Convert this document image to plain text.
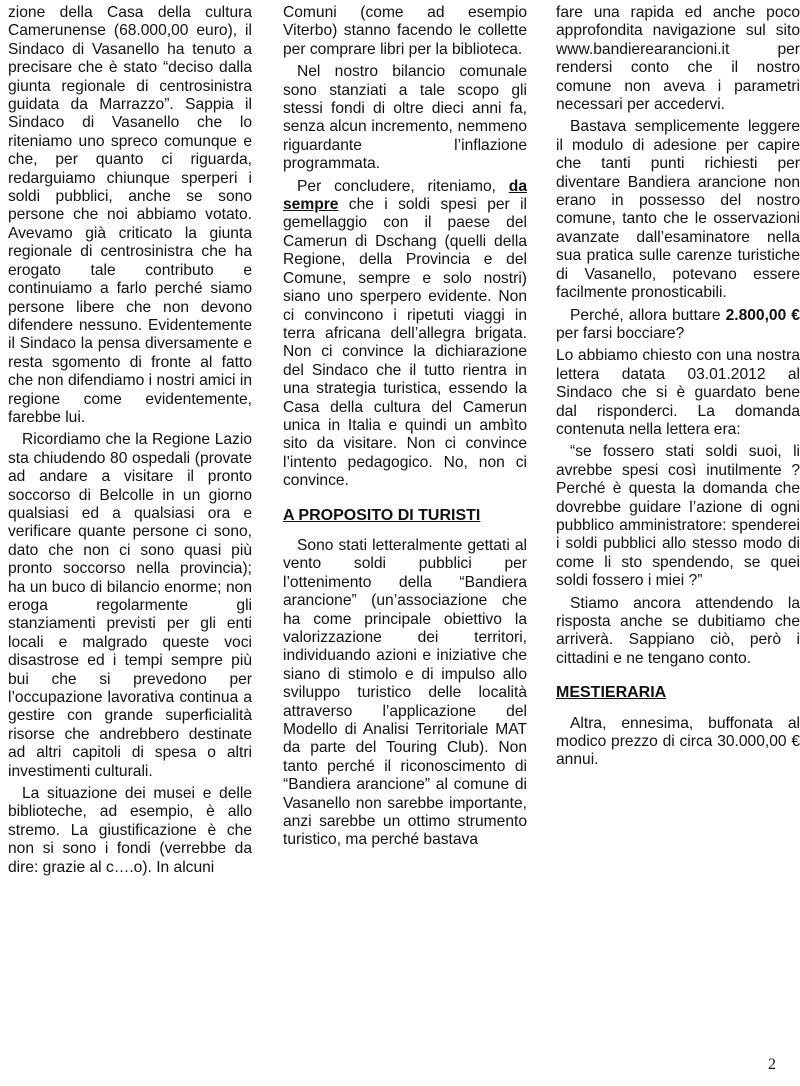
zione della Casa della cultura Camerunense (68.000,00 euro), il Sindaco di Vasanello ha tenuto a precisare che è stato “deciso dalla giunta regionale di centrosinistra guidata da Marrazzo”. Sappia il Sindaco di Vasanello che lo riteniamo uno spreco comunque e che, per quanto ci riguarda, redarguiamo chiunque sperperi i soldi pubblici, anche se sono persone che noi abbiamo votato. Avevamo già criticato la giunta regionale di centrosinistra che ha erogato tale contributo e continuiamo a farlo perché siamo persone libere che non devono difendere nessuno. Evidentemente il Sindaco la pensa diversamente e resta sgomento di fronte al fatto che non difendiamo i nostri amici in regione come evidentemente, farebbe lui.

Ricordiamo che la Regione Lazio sta chiudendo 80 ospedali (provate ad andare a visitare il pronto soccorso di Belcolle in un giorno qualsiasi ed a qualsiasi ora e verificare quante persone ci sono, dato che non ci sono quasi più pronto soccorso nella provincia); ha un buco di bilancio enorme; non eroga regolarmente gli stanziamenti previsti per gli enti locali e malgrado queste voci disastrose ed i tempi sempre più bui che si prevedono per l’occupazione lavorativa continua a gestire con grande superficialità risorse che andrebbero destinate ad altri capitoli di spesa o altri investimenti culturali.

La situazione dei musei e delle biblioteche, ad esempio, è allo stremo. La giustificazione è che non si sono i fondi (verrebbe da dire: grazie al c….o). In alcuni

Comuni (come ad esempio Viterbo) stanno facendo le collette per comprare libri per la biblioteca.

Nel nostro bilancio comunale sono stanziati a tale scopo gli stessi fondi di oltre dieci anni fa, senza alcun incremento, nemmeno riguardante l’inflazione programmata.

Per concludere, riteniamo, da sempre che i soldi spesi per il gemellaggio con il paese del Camerun di Dschang (quelli della Regione, della Provincia e del Comune, sempre e solo nostri) siano uno sperpero evidente. Non ci convincono i ripetuti viaggi in terra africana dell’allegra brigata. Non ci convince la dichiarazione del Sindaco che il tutto rientra in una strategia turistica, essendo la Casa della cultura del Camerun unica in Italia e quindi un ambìto sito da visitare. Non ci convince l’intento pedagogico. No, non ci convince.

A PROPOSITO DI TURISTI

Sono stati letteralmente gettati al vento soldi pubblici per l’ottenimento della “Bandiera arancione” (un’associazione che ha come principale obiettivo la valorizzazione dei territori, individuando azioni e iniziative che siano di stimolo e di impulso allo sviluppo turistico delle località attraverso l’applicazione del Modello di Analisi Territoriale MAT da parte del Touring Club). Non tanto perché il riconoscimento di “Bandiera arancione” al comune di Vasanello non sarebbe importante, anzi sarebbe un ottimo strumento turistico, ma perché bastava

fare una rapida ed anche poco approfondita navigazione sul sito www.bandierearancioni.it per rendersi conto che il nostro comune non aveva i parametri necessari per accedervi.

Bastava semplicemente leggere il modulo di adesione per capire che tanti punti richiesti per diventare Bandiera arancione non erano in possesso del nostro comune, tanto che le osservazioni avanzate dall’esaminatore nella sua pratica sulle carenze turistiche di Vasanello, potevano essere facilmente pronosticabili.

Perché, allora buttare 2.800,00 € per farsi bocciare?

Lo abbiamo chiesto con una nostra lettera datata 03.01.2012 al Sindaco che si è guardato bene dal risponderci. La domanda contenuta nella lettera era:

“se fossero stati soldi suoi, li avrebbe spesi così inutilmente ? Perché è questa la domanda che dovrebbe guidare l’azione di ogni pubblico amministratore: spenderei i soldi pubblici allo stesso modo di come li sto spendendo, se quei soldi fossero i miei ?”

Stiamo ancora attendendo la risposta anche se dubitiamo che arriverà. Sappiano ciò, però i cittadini e ne tengano conto.

MESTIERARIA

Altra, ennesima, buffonata al modico prezzo di circa 30.000,00 € annui.

2
